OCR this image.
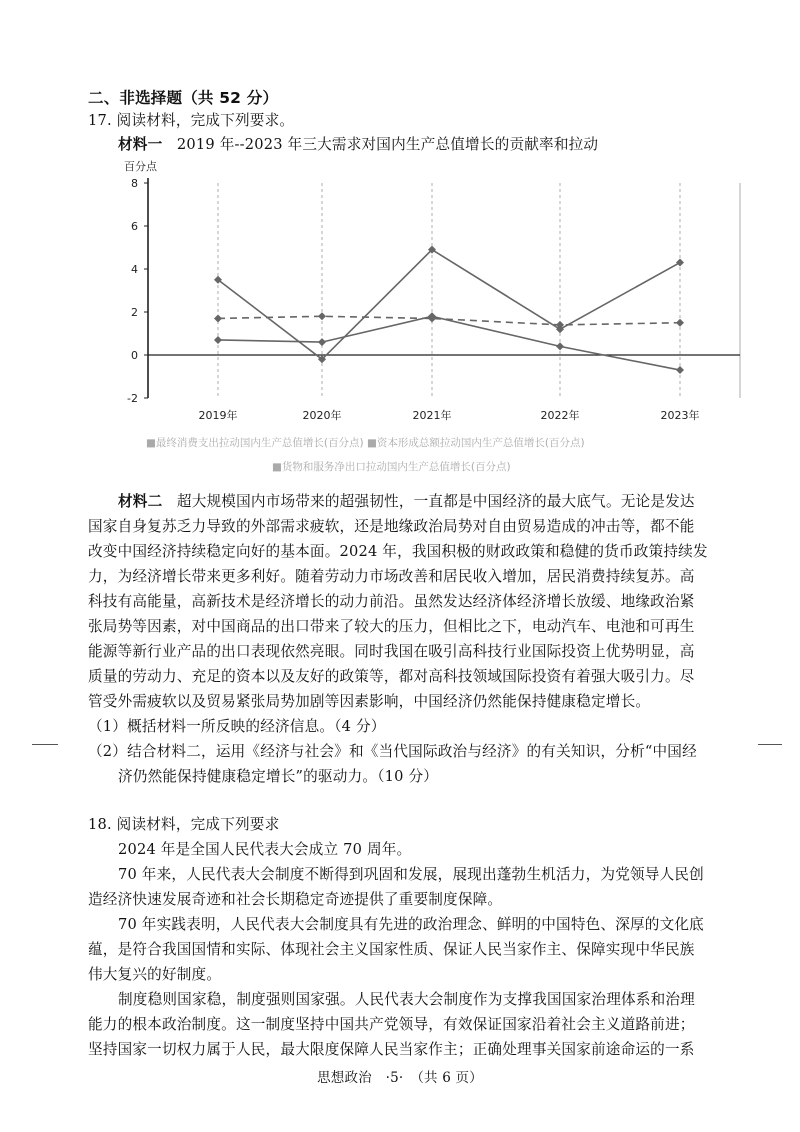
二、非选择题（共 52 分）
17. 阅读材料，完成下列要求。
材料一 2019 年--2023 年三大需求对国内生产总值增长的贡献率和拉动
8
6
4
2
0
-2
2019年	2020年	2021年	2022年	2023年
百分点
■最终消费支出拉动国内生产总值增长(百分点) ■资本形成总额拉动国内生产总值增长(百分点)
■货物和服务净出口拉动国内生产总值增长(百分点)
材料二 超大规模国内市场带来的超强韧性，一直都是中国经济的最大底气。无论是发达
国家自身复苏乏力导致的外部需求疲软，还是地缘政治局势对自由贸易造成的冲击等，都不能
改变中国经济持续稳定向好的基本面。2024 年，我国积极的财政政策和稳健的货币政策持续发
力，为经济增长带来更多利好。随着劳动力市场改善和居民收入增加，居民消费持续复苏。高
科技有高能量，高新技术是经济增长的动力前沿。虽然发达经济体经济增长放缓、地缘政治紧
张局势等因素，对中国商品的出口带来了较大的压力，但相比之下，电动汽车、电池和可再生
能源等新行业产品的出口表现依然亮眼。同时我国在吸引高科技行业国际投资上优势明显，高
质量的劳动力、充足的资本以及友好的政策等，都对高科技领域国际投资有着强大吸引力。尽
管受外需疲软以及贸易紧张局势加剧等因素影响，中国经济仍然能保持健康稳定增长。
（1）概括材料一所反映的经济信息。（4 分）
（2）结合材料二，运用《经济与社会》和《当代国际政治与经济》的有关知识，分析“中国经
济仍然能保持健康稳定增长”的驱动力。（10 分）
18. 阅读材料，完成下列要求
2024 年是全国人民代表大会成立 70 周年。
70 年来，人民代表大会制度不断得到巩固和发展，展现出蓬勃生机活力，为党领导人民创
造经济快速发展奇迹和社会长期稳定奇迹提供了重要制度保障。
70 年实践表明，人民代表大会制度具有先进的政治理念、鲜明的中国特色、深厚的文化底
蕴，是符合我国国情和实际、体现社会主义国家性质、保证人民当家作主、保障实现中华民族
伟大复兴的好制度。
制度稳则国家稳，制度强则国家强。人民代表大会制度作为支撑我国国家治理体系和治理
能力的根本政治制度。这一制度坚持中国共产党领导，有效保证国家沿着社会主义道路前进；
坚持国家一切权力属于人民，最大限度保障人民当家作主；正确处理事关国家前途命运的一系
思想政治　·5·　（共 6 页）
